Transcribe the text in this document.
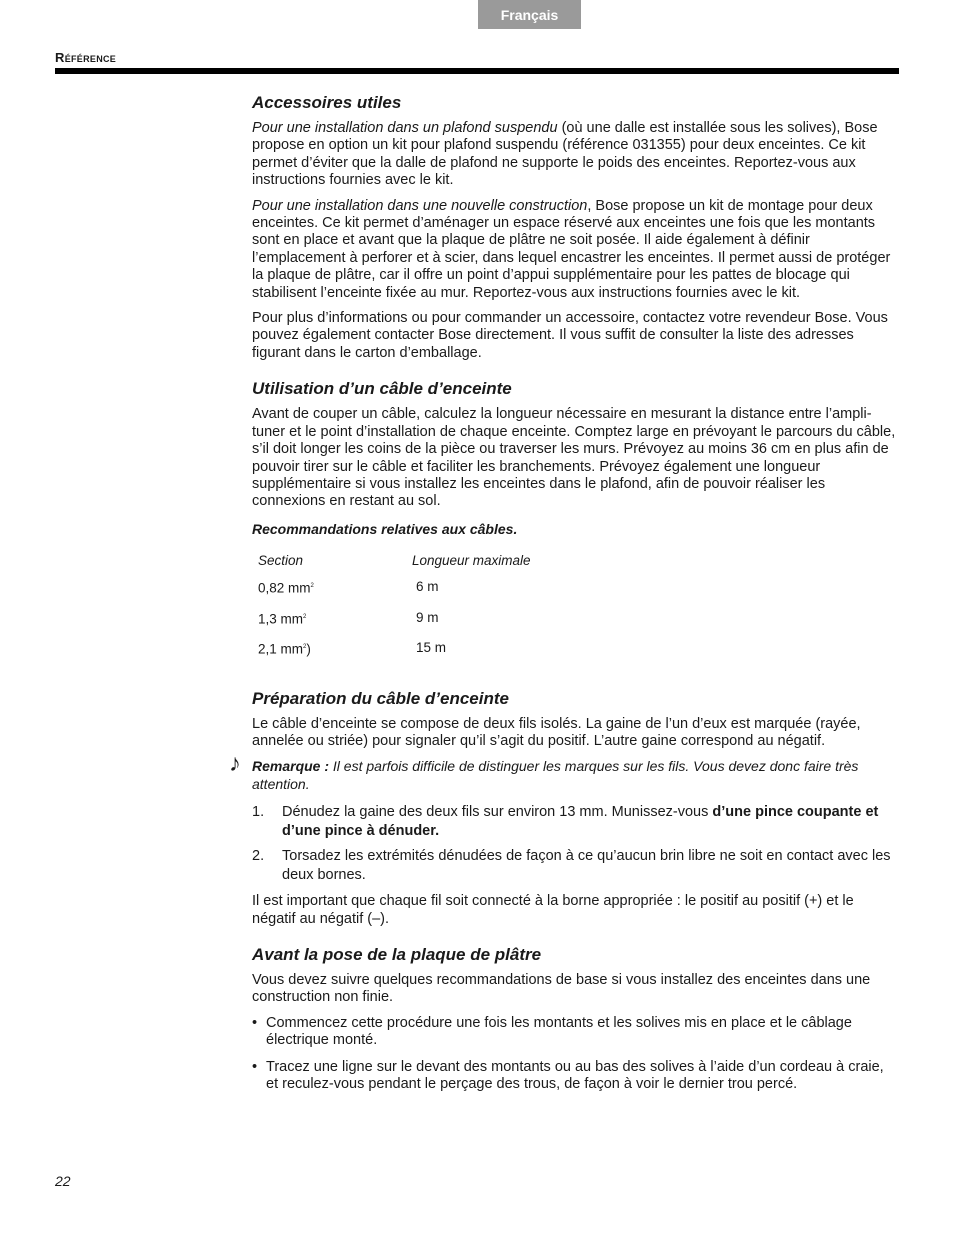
Français
Référence
Accessoires utiles

Pour une installation dans un plafond suspendu (où une dalle est installée sous les solives), Bose propose en option un kit pour plafond suspendu (référence 031355) pour deux enceintes. Ce kit permet d’éviter que la dalle de plafond ne supporte le poids des enceintes. Reportez-vous aux instructions fournies avec le kit.

Pour une installation dans une nouvelle construction, Bose propose un kit de montage pour deux enceintes. Ce kit permet d’aménager un espace réservé aux enceintes une fois que les montants sont en place et avant que la plaque de plâtre ne soit posée. Il aide également à définir l’emplacement à perforer et à scier, dans lequel encastrer les enceintes. Il permet aussi de protéger la plaque de plâtre, car il offre un point d’appui supplémentaire pour les pattes de blocage qui stabilisent l’enceinte fixée au mur. Reportez-vous aux instructions fournies avec le kit.

Pour plus d’informations ou pour commander un accessoire, contactez votre revendeur Bose. Vous pouvez également contacter Bose directement. Il vous suffit de consulter la liste des adresses figurant dans le carton d’emballage.

Utilisation d’un câble d’enceinte

Avant de couper un câble, calculez la longueur nécessaire en mesurant la distance entre l’ampli-tuner et le point d’installation de chaque enceinte. Comptez large en prévoyant le parcours du câble, s’il doit longer les coins de la pièce ou traverser les murs. Prévoyez au moins 36 cm en plus afin de pouvoir tirer sur le câble et faciliter les branchements. Prévoyez également une longueur supplémentaire si vous installez les enceintes dans le plafond, afin de pouvoir réaliser les connexions en restant au sol.

Recommandations relatives aux câbles.
Section	Longueur maximale
0,82 $mm^2$	6 m
1,3 $mm^2$	9 m
2,1 $mm^2$)	15 m
Préparation du câble d’enceinte

Le câble d’enceinte se compose de deux fils isolés. La gaine de l’un d’eux est marquée (rayée, annelée ou striée) pour signaler qu’il s’agit du positif. L’autre gaine correspond au négatif.

♪ Remarque : Il est parfois difficile de distinguer les marques sur les fils. Vous devez donc faire très attention.
1. Dénudez la gaine des deux fils sur environ 13 mm. Munissez-vous d’une pince coupante et d’une pince à dénuder.
2. Torsadez les extrémités dénudées de façon à ce qu’aucun brin libre ne soit en contact avec les deux bornes.

Il est important que chaque fil soit connecté à la borne appropriée : le positif au positif (+) et le négatif au négatif (–).

Avant la pose de la plaque de plâtre

Vous devez suivre quelques recommandations de base si vous installez des enceintes dans une construction non finie.

• Commencez cette procédure une fois les montants et les solives mis en place et le câblage électrique monté.
• Tracez une ligne sur le devant des montants ou au bas des solives à l’aide d’un cordeau à craie, et reculez-vous pendant le perçage des trous, de façon à voir le dernier trou percé.
22
